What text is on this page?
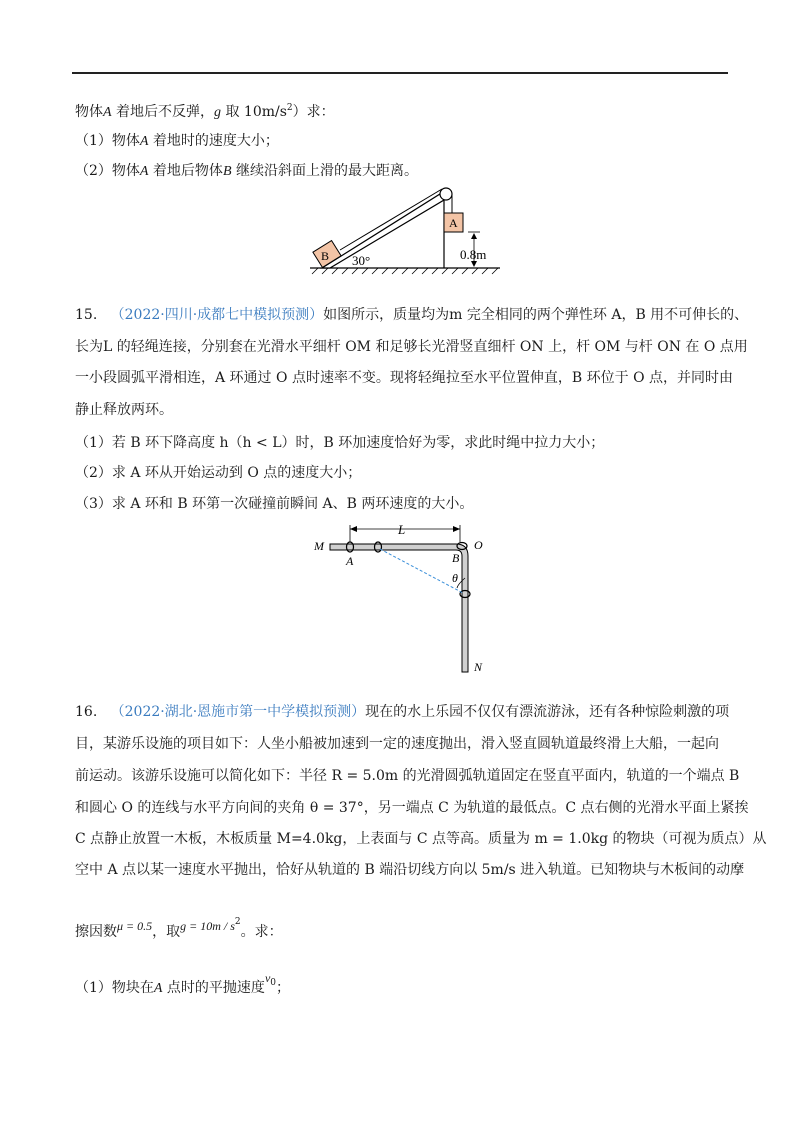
物体A 着地后不反弹，g 取 $10m/s^2$）求：
（1）物体A 着地时的速度大小；
（2）物体A 着地后物体B 继续沿斜面上滑的最大距离。
B
A
30°	0.8m
15. （2022·四川·成都七中模拟预测）如图所示，质量均为m 完全相同的两个弹性环 A，B 用不可伸长的、
长为L 的轻绳连接，分别套在光滑水平细杆 OM 和足够长光滑竖直细杆 ON 上，杆 OM 与杆 ON 在 O 点用
一小段圆弧平滑相连，A 环通过 O 点时速率不变。现将轻绳拉至水平位置伸直，B 环位于 O 点，并同时由
静止释放两环。
（1）若 B 环下降高度 h（h < L）时，B 环加速度恰好为零，求此时绳中拉力大小；
（2）求 A 环从开始运动到 O 点的速度大小；
（3）求 A 环和 B 环第一次碰撞前瞬间 A、B 两环速度的大小。
L
M
A	B
O
θ
N
16. （2022·湖北·恩施市第一中学模拟预测）现在的水上乐园不仅仅有漂流游泳，还有各种惊险刺激的项
目，某游乐设施的项目如下：人坐小船被加速到一定的速度抛出，滑入竖直圆轨道最终滑上大船，一起向
前运动。该游乐设施可以简化如下：半径 R = 5.0m 的光滑圆弧轨道固定在竖直平面内，轨道的一个端点 B
和圆心 O 的连线与水平方向间的夹角 θ = 37°，另一端点 C 为轨道的最低点。C 点右侧的光滑水平面上紧挨
C 点静止放置一木板，木板质量 M=4.0kg，上表面与 C 点等高。质量为 m = 1.0kg 的物块（可视为质点）从
空中 A 点以某一速度水平抛出，恰好从轨道的 B 端沿切线方向以 5m/s 进入轨道。已知物块与木板间的动摩
擦因数μ = 0.5，取$g = 10m / s^2$。求：
（1）物块在A 点时的平抛速度$v^0$；
